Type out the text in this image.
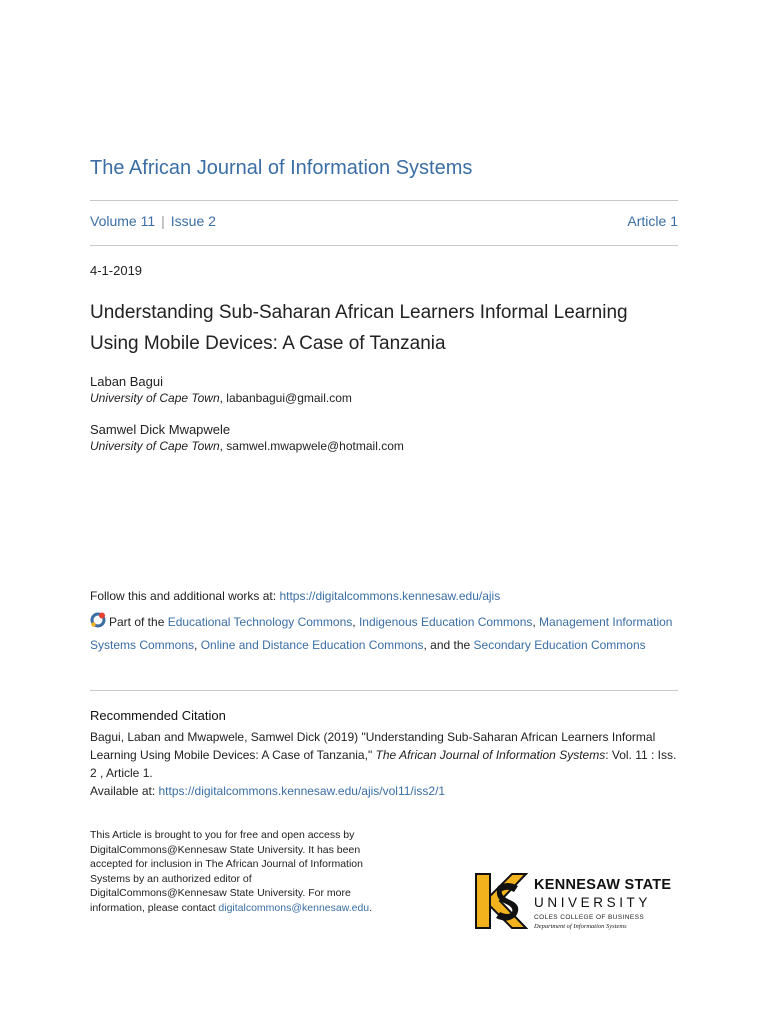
The African Journal of Information Systems
Volume 11 | Issue 2	Article 1
4-1-2019
Understanding Sub-Saharan African Learners Informal Learning
Using Mobile Devices: A Case of Tanzania
Laban Bagui
University of Cape Town, labanbagui@gmail.com
Samwel Dick Mwapwele
University of Cape Town, samwel.mwapwele@hotmail.com
Follow this and additional works at: https://digitalcommons.kennesaw.edu/ajis
Part of the Educational Technology Commons, Indigenous Education Commons, Management Information Systems Commons, Online and Distance Education Commons, and the Secondary Education Commons
Recommended Citation
Bagui, Laban and Mwapwele, Samwel Dick (2019) "Understanding Sub-Saharan African Learners Informal Learning Using Mobile Devices: A Case of Tanzania," The African Journal of Information Systems: Vol. 11 : Iss. 2 , Article 1.
Available at: https://digitalcommons.kennesaw.edu/ajis/vol11/iss2/1
This Article is brought to you for free and open access by DigitalCommons@Kennesaw State University. It has been accepted for inclusion in The African Journal of Information Systems by an authorized editor of DigitalCommons@Kennesaw State University. For more information, please contact digitalcommons@kennesaw.edu.
KENNESAW STATE
UNIVERSITY
COLES COLLEGE OF BUSINESS
Department of Information Systems
